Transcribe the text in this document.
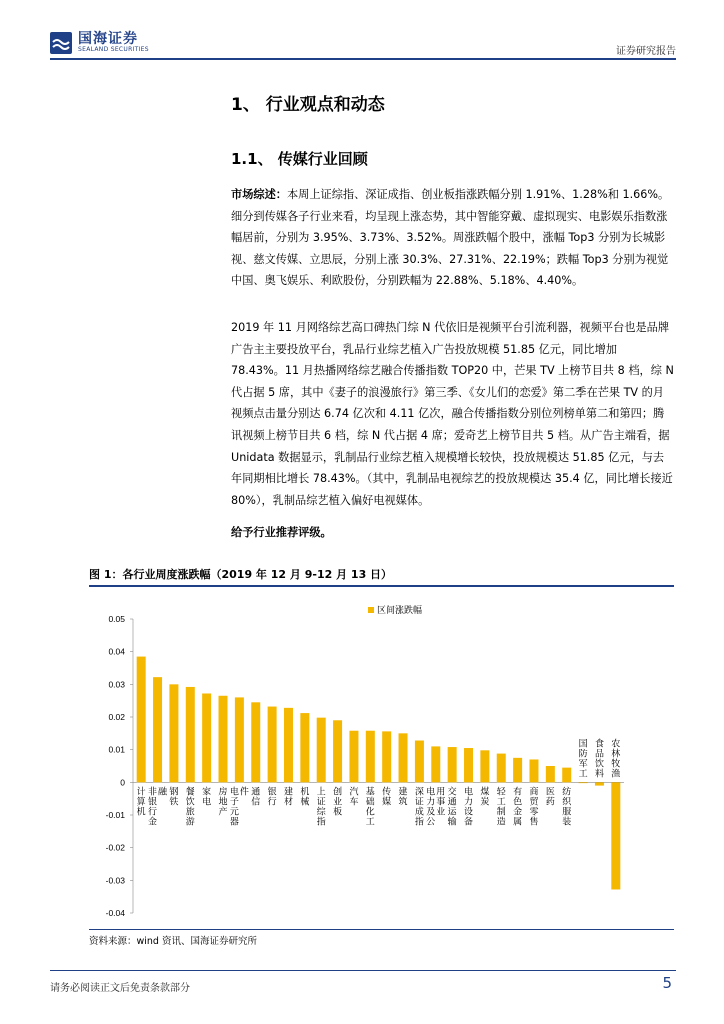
国海证券
SEALAND SECURITIES	证券研究报告
1、 行业观点和动态
1.1、 传媒行业回顾
市场综述：本周上证综指、深证成指、创业板指涨跌幅分别 1.91%、1.28%和 1.66%。细分到传媒各子行业来看，均呈现上涨态势，其中智能穿戴、虚拟现实、电影娱乐指数涨幅居前，分别为 3.95%、3.73%、3.52%。周涨跌幅个股中，涨幅 Top3 分别为长城影视、慈文传媒、立思辰，分别上涨 30.3%、27.31%、22.19%；跌幅 Top3 分别为视觉中国、奥飞娱乐、利欧股份，分别跌幅为 22.88%、5.18%、4.40%。
2019 年 11 月网络综艺高口碑热门综 N 代依旧是视频平台引流利器，视频平台也是品牌广告主主要投放平台，乳品行业综艺植入广告投放规模 51.85 亿元，同比增加 78.43%。11 月热播网络综艺融合传播指数 TOP20 中，芒果 TV 上榜节目共 8 档，综 N 代占据 5 席，其中《妻子的浪漫旅行》第三季、《女儿们的恋爱》第二季在芒果 TV 的月视频点击量分别达 6.74 亿次和 4.11 亿次，融合传播指数分别位列榜单第二和第四；腾讯视频上榜节目共 6 档，综 N 代占据 4 席；爱奇艺上榜节目共 5 档。从广告主端看，据 Unidata 数据显示，乳制品行业综艺植入规模增长较快，投放规模达 51.85 亿元，与去年同期相比增长 78.43%。（其中，乳制品电视综艺的投放规模达 35.4 亿，同比增长接近 80%），乳制品综艺植入偏好电视媒体。
给予行业推荐评级。
图 1：各行业周度涨跌幅（2019 年 12 月 9-12 月 13 日）
0.05
0.04
0.03
0.02
0.01
0
-0.01
-0.02
-0.03
-0.04
计算机
非银行金融 钢铁
餐饮旅游
家电
房地产
电子元器件 通信
银行
建材
机械
上证综指
创业板
汽车
基础化工
传媒
建筑
深证成指
电力及公用事业
交通运输
电力设备
煤炭
轻工制造
有色金属
商贸零售
医药
纺织服装
国防军工
食品饮料
农林牧渔
区间涨跌幅
资料来源：wind 资讯、国海证券研究所
请务必阅读正文后免责条款部分	5
